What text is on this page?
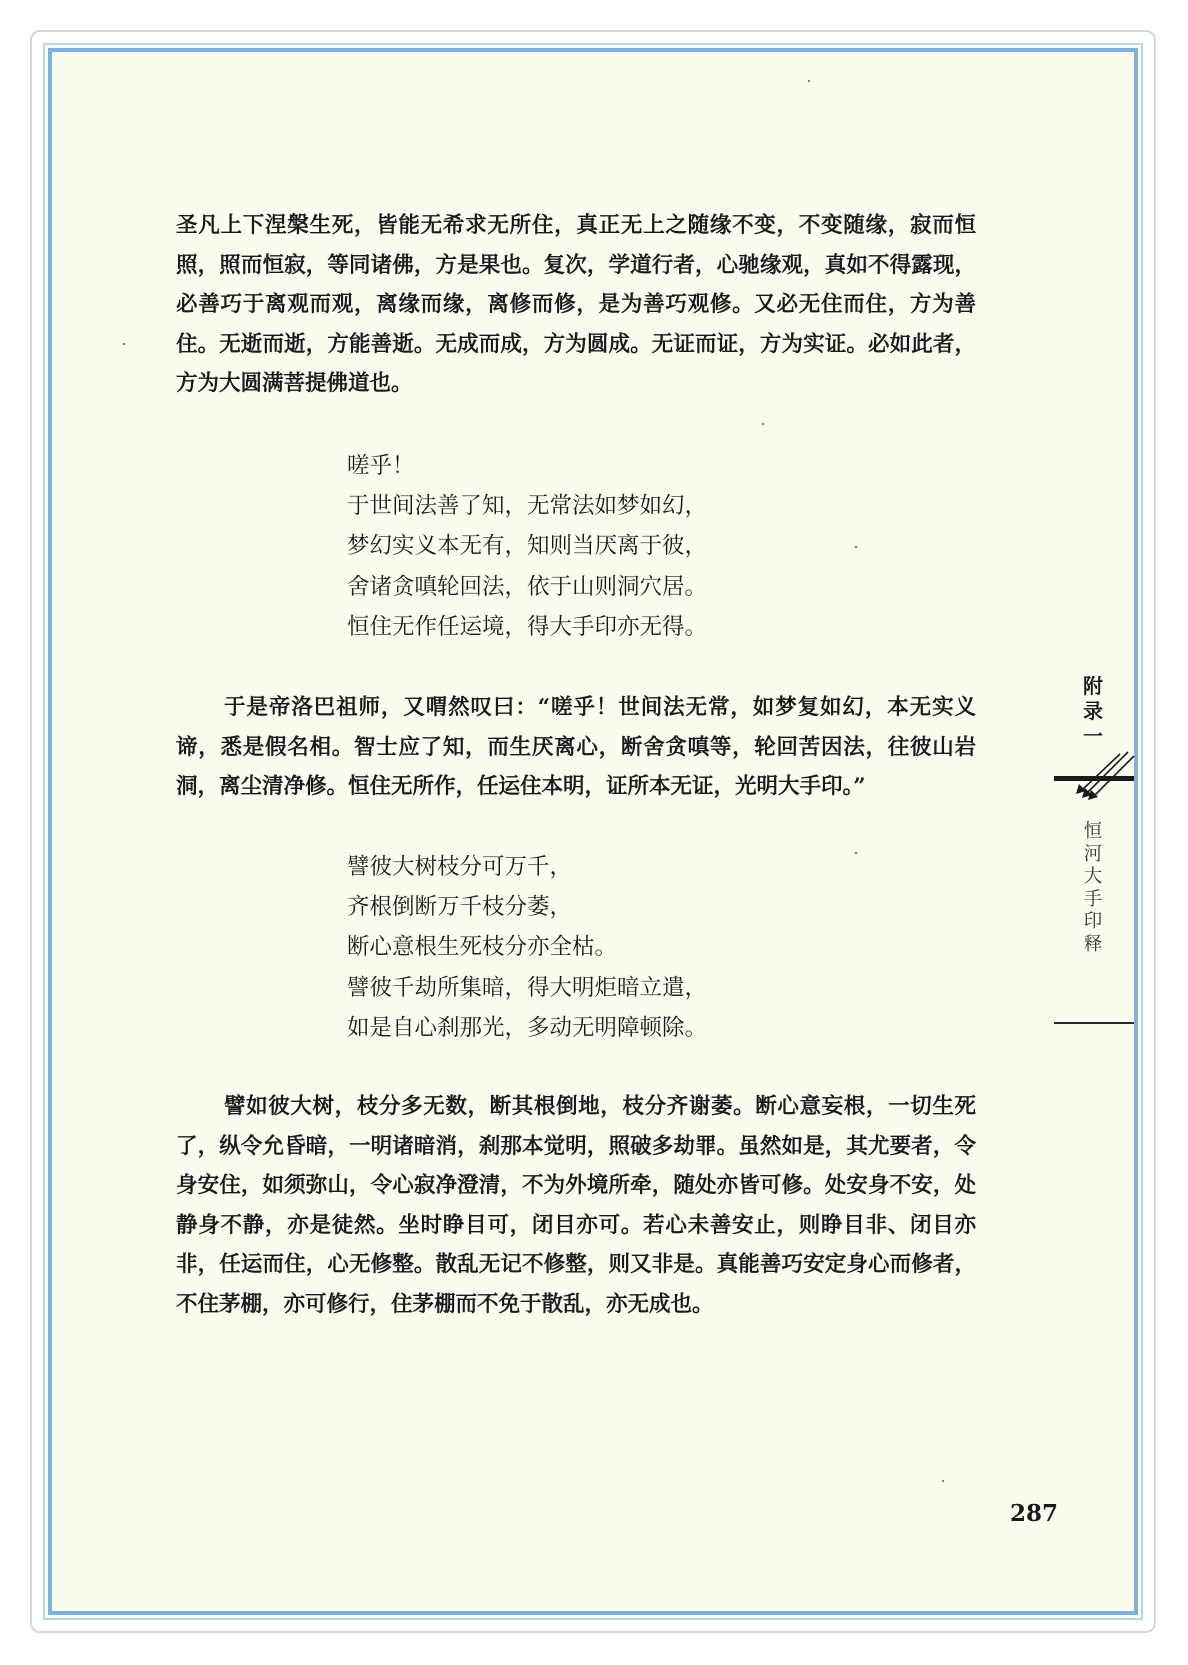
圣凡上下涅槃生死，皆能无希求无所住，真正无上之随缘不变，不变随缘，寂而恒照，照而恒寂，等同诸佛，方是果也。复次，学道行者，心驰缘观，真如不得露现，必善巧于离观而观，离缘而缘，离修而修，是为善巧观修。又必无住而住，方为善住。无逝而逝，方能善逝。无成而成，方为圆成。无证而证，方为实证。必如此者，方为大圆满菩提佛道也。

嗟乎！
于世间法善了知，无常法如梦如幻，
梦幻实义本无有，知则当厌离于彼，
舍诸贪嗔轮回法，依于山则洞穴居。
恒住无作任运境，得大手印亦无得。

于是帝洛巴祖师，又喟然叹曰：“嗟乎！世间法无常，如梦复如幻，本无实义谛，悉是假名相。智士应了知，而生厌离心，断舍贪嗔等，轮回苦因法，往彼山岩洞，离尘清净修。恒住无所作，任运住本明，证所本无证，光明大手印。”

譬彼大树枝分可万千，
齐根倒断万千枝分萎，
断心意根生死枝分亦全枯。
譬彼千劫所集暗，得大明炬暗立遣，
如是自心刹那光，多动无明障顿除。

譬如彼大树，枝分多无数，断其根倒地，枝分齐谢萎。断心意妄根，一切生死了，纵令允昏暗，一明诸暗消，刹那本觉明，照破多劫罪。虽然如是，其尤要者，令身安住，如须弥山，令心寂净澄清，不为外境所牵，随处亦皆可修。处安身不安，处静身不静，亦是徒然。坐时睁目可，闭目亦可。若心未善安止，则睁目非、闭目亦非，任运而住，心无修整。散乱无记不修整，则又非是。真能善巧安定身心而修者，不住茅棚，亦可修行，住茅棚而不免于散乱，亦无成也。

附
录
一
恒
河
大
手
印
释
287
